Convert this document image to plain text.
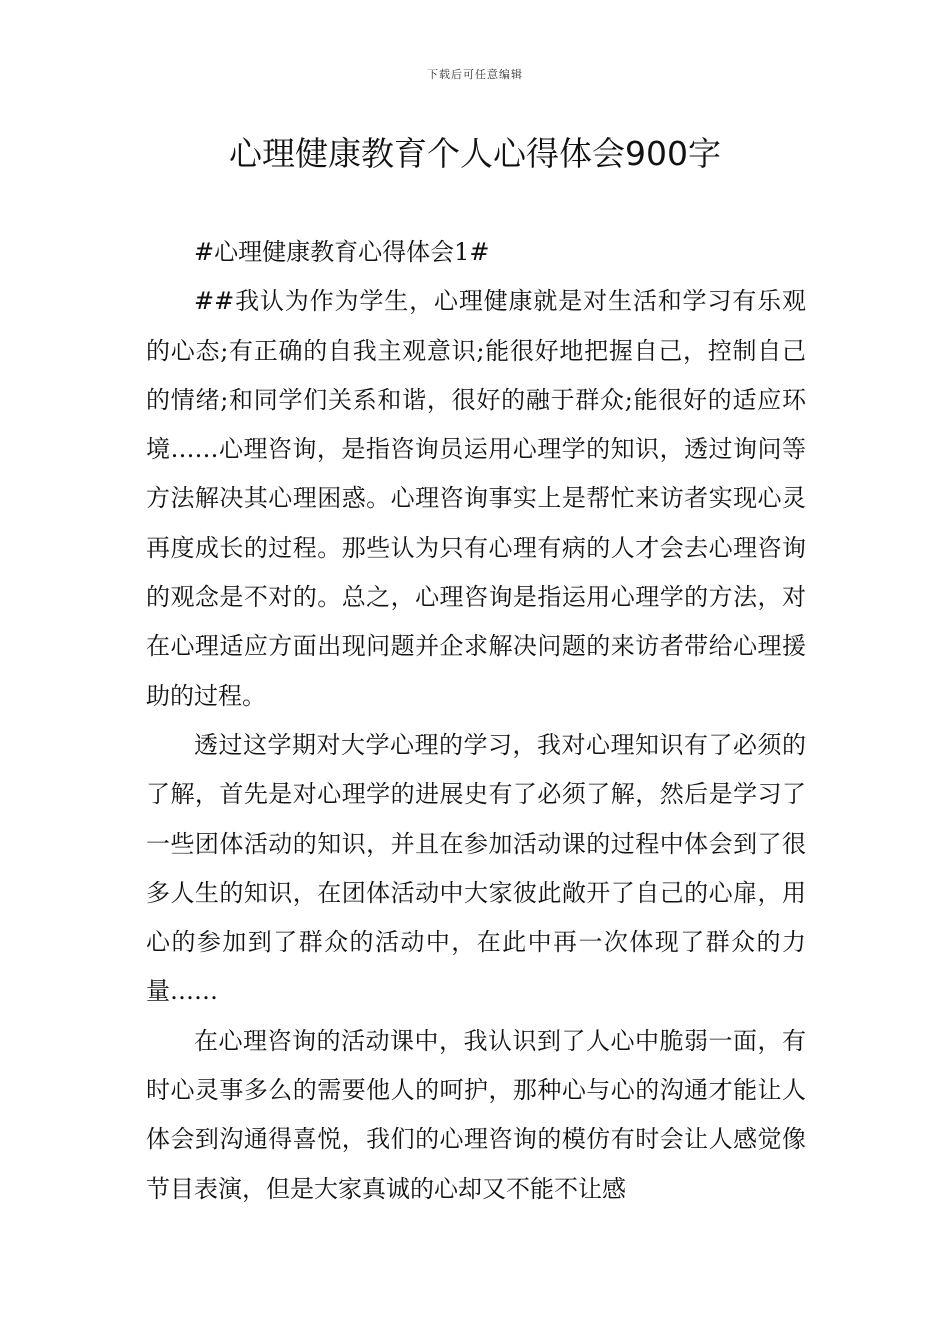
下载后可任意编辑
心理健康教育个人心得体会900字

#心理健康教育心得体会1#

##我认为作为学生，心理健康就是对生活和学习有乐观的心态;有正确的自我主观意识;能很好地把握自己，控制自己的情绪;和同学们关系和谐，很好的融于群众;能很好的适应环境……心理咨询，是指咨询员运用心理学的知识，透过询问等方法解决其心理困惑。心理咨询事实上是帮忙来访者实现心灵再度成长的过程。那些认为只有心理有病的人才会去心理咨询的观念是不对的。总之，心理咨询是指运用心理学的方法，对在心理适应方面出现问题并企求解决问题的来访者带给心理援助的过程。

透过这学期对大学心理的学习，我对心理知识有了必须的了解，首先是对心理学的进展史有了必须了解，然后是学习了一些团体活动的知识，并且在参加活动课的过程中体会到了很多人生的知识，在团体活动中大家彼此敞开了自己的心扉，用心的参加到了群众的活动中，在此中再一次体现了群众的力量……

在心理咨询的活动课中，我认识到了人心中脆弱一面，有时心灵事多么的需要他人的呵护，那种心与心的沟通才能让人体会到沟通得喜悦，我们的心理咨询的模仿有时会让人感觉像节目表演，但是大家真诚的心却又不能不让感
